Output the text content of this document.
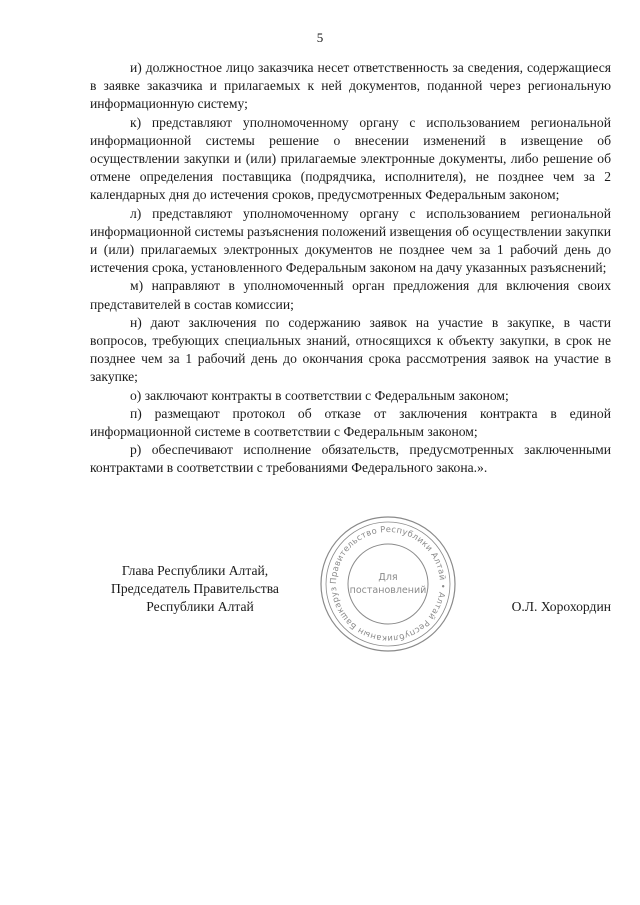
5

и) должностное лицо заказчика несет ответственность за сведения, содержащиеся в заявке заказчика и прилагаемых к ней документов, поданной через региональную информационную систему;

к) представляют уполномоченному органу с использованием региональной информационной системы решение о внесении изменений в извещение об осуществлении закупки и (или) прилагаемые электронные документы, либо решение об отмене определения поставщика (подрядчика, исполнителя), не позднее чем за 2 календарных дня до истечения сроков, предусмотренных Федеральным законом;

л) представляют уполномоченному органу с использованием региональной информационной системы разъяснения положений извещения об осуществлении закупки и (или) прилагаемых электронных документов не позднее чем за 1 рабочий день до истечения срока, установленного Федеральным законом на дачу указанных разъяснений;

м) направляют в уполномоченный орган предложения для включения своих представителей в состав комиссии;

н) дают заключения по содержанию заявок на участие в закупке, в части вопросов, требующих специальных знаний, относящихся к объекту закупки, в срок не позднее чем за 1 рабочий день до окончания срока рассмотрения заявок на участие в закупке;

о) заключают контракты в соответствии с Федеральным законом;

п) размещают протокол об отказе от заключения контракта в единой информационной системе в соответствии с Федеральным законом;

р) обеспечивают исполнение обязательств, предусмотренных заключенными контрактами в соответствии с требованиями Федерального закона.».

Глава Республики Алтай,
Председатель Правительства
Республики Алтай	О.Л. Хорохордин
Правительство Республики Алтай • Алтай Республиканын Башкаруз
Для
постановлений
